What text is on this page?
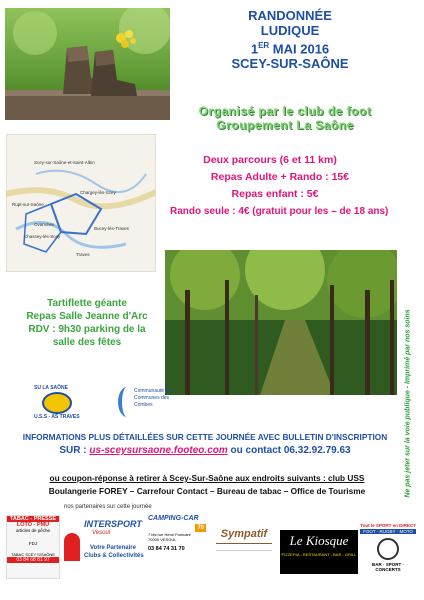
RANDONNÉE
LUDIQUE
1ER MAI 2016
SCEY-SUR-SAÔNE
Organisé par le club de foot
Groupement La Saône
Scey-sur-Saône-et-Saint-Albin
Rupt-sur-Saône
Chargey-lès-Scey
Ovanches
Chassey-lès-Scey
Bucey-lès-Traves
Traves
Deux parcours (6 et 11 km)
Repas Adulte + Rando : 15€
Repas enfant : 5€
Rando seule : 4€ (gratuit pour les – de 18 ans)
Tartiflette géante
Repas Salle Jeanne d'Arc
RDV : 9h30 parking de la
salle des fêtes
SU LA SAÔNE
U.S.S - AS TRAVES
Communauté de
Communes des
Combes
INFORMATIONS PLUS DÉTAILLÉES SUR CETTE JOURNÉE AVEC BULLETIN D'INSCRIPTION
SUR : us-sceysursaone.footeo.com ou contact 06.32.92.79.63
ou coupon-réponse à retirer à Scey-Sur-Saône aux endroits suivants : club USS
Boulangerie FOREY – Carrefour Contact – Bureau de tabac – Office de Tourisme
nos partenaires sur cette journée
Ne pas jeter sur la voie publique - Imprimé par nos soins
TABAC - PRESSE
LOTO - PMU
articles de pêche
FDJ
TABAC SCEY S/SAÔNE
03 84 68 81 97
INTERSPORT
Vesoul
Votre Partenaire
Clubs & Collectivités
CAMPING-CAR
70
7 bis rue Henri Poincaré
70000 VESOUL
03 84 74 31 70
Sympatif	Le Kiosque
PIZZERIA - RESTAURANT - BAR - GRILL
Tout le SPORT en DIRECT
FOOT · RUGBY · MOTO
BAR · SPORT · CONCERTS
